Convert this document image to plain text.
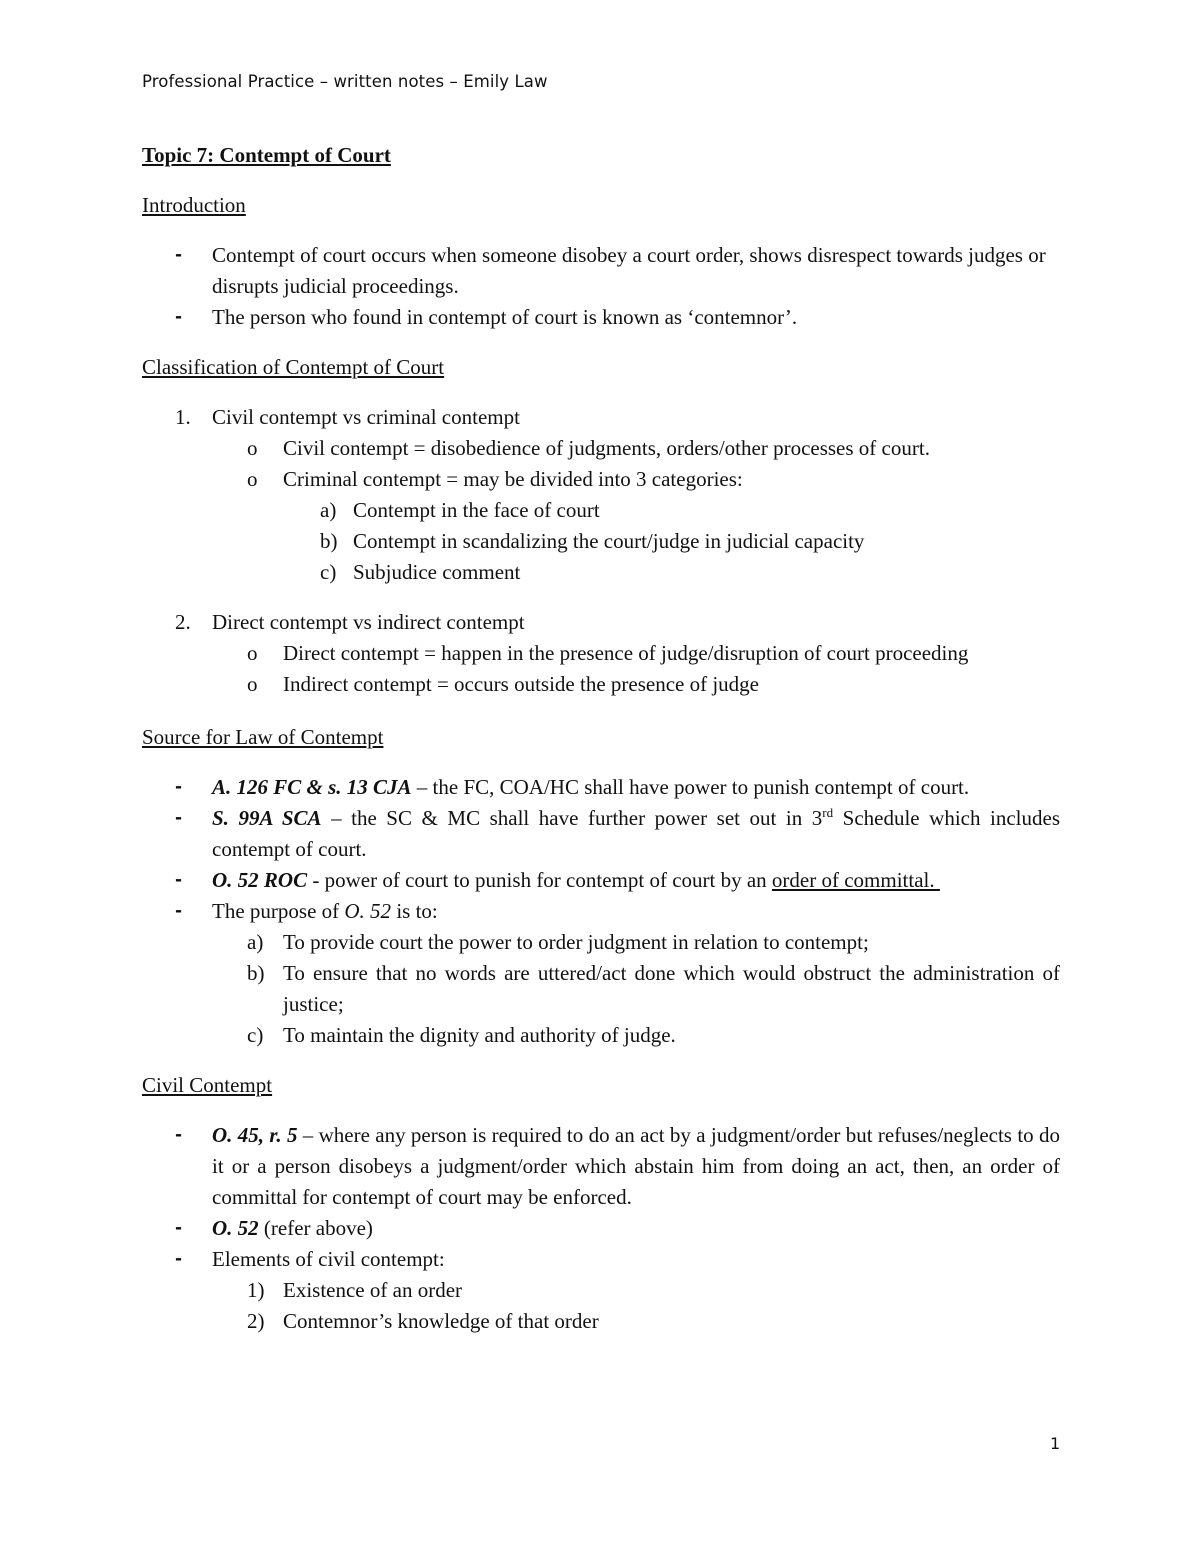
Professional Practice – written notes – Emily Law
Topic 7: Contempt of Court
Introduction
- Contempt of court occurs when someone disobey a court order, shows disrespect towards judges or disrupts judicial proceedings.
- The person who found in contempt of court is known as ‘contemnor’.
Classification of Contempt of Court
1. Civil contempt vs criminal contempt
o Civil contempt = disobedience of judgments, orders/other processes of court.
o Criminal contempt = may be divided into 3 categories:
a) Contempt in the face of court
b) Contempt in scandalizing the court/judge in judicial capacity
c) Subjudice comment
2. Direct contempt vs indirect contempt
o Direct contempt = happen in the presence of judge/disruption of court proceeding
o Indirect contempt = occurs outside the presence of judge
Source for Law of Contempt
- A. 126 FC & s. 13 CJA – the FC, COA/HC shall have power to punish contempt of court.
- S. 99A SCA – the SC & MC shall have further power set out in 3rd Schedule which includes contempt of court.
- O. 52 ROC - power of court to punish for contempt of court by an order of committal.
- The purpose of O. 52 is to:
a) To provide court the power to order judgment in relation to contempt;
b) To ensure that no words are uttered/act done which would obstruct the administration of justice;
c) To maintain the dignity and authority of judge.
Civil Contempt
- O. 45, r. 5 – where any person is required to do an act by a judgment/order but refuses/neglects to do it or a person disobeys a judgment/order which abstain him from doing an act, then, an order of committal for contempt of court may be enforced.
- O. 52 (refer above)
- Elements of civil contempt:
1) Existence of an order
2) Contemnor’s knowledge of that order
1
